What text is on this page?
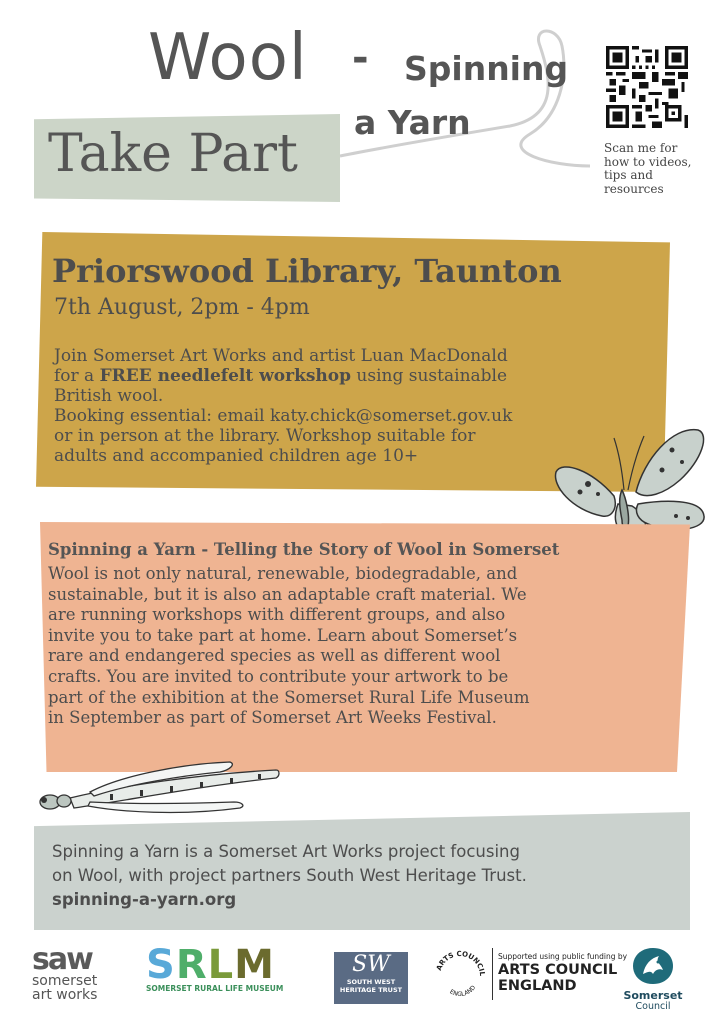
Wool - Spinning
a Yarn
Take Part	Scan me for
how to videos,
tips and
resources
Priorswood Library, Taunton
7th August, 2pm - 4pm
Join Somerset Art Works and artist Luan MacDonald
for a FREE needlefelt workshop using sustainable
British wool.
Booking essential: email katy.chick@somerset.gov.uk
or in person at the library. Workshop suitable for
adults and accompanied children age 10+
Spinning a Yarn - Telling the Story of Wool in Somerset
Wool is not only natural, renewable, biodegradable, and
sustainable, but it is also an adaptable craft material. We
are running workshops with different groups, and also
invite you to take part at home. Learn about Somerset’s
rare and endangered species as well as different wool
crafts. You are invited to contribute your artwork to be
part of the exhibition at the Somerset Rural Life Museum
in September as part of Somerset Art Weeks Festival.
Spinning a Yarn is a Somerset Art Works project focusing
on Wool, with project partners South West Heritage Trust.
spinning-a-yarn.org
saw
somerset
art works
SRLM
SOMERSET RURAL LIFE MUSEUM
SW
SOUTH WEST
HERITAGE TRUST
ARTS COUNCIL
ENGLAND
Supported using public funding by
ARTS COUNCIL
ENGLAND
Somerset
Council
